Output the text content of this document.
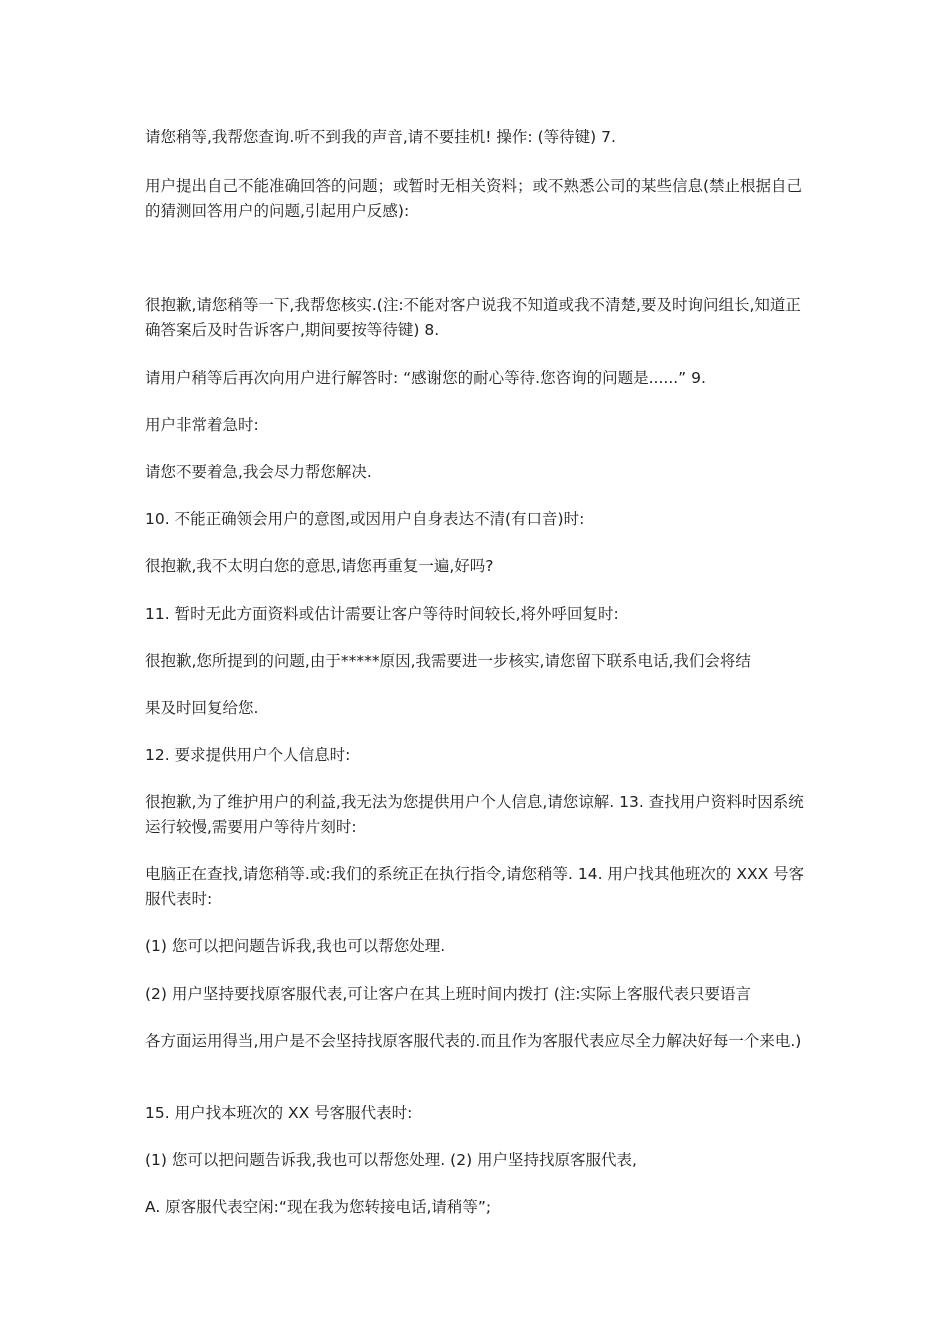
请您稍等,我帮您查询.听不到我的声音,请不要挂机! 操作: (等待键) 7.

用户提出自己不能准确回答的问题；或暂时无相关资料；或不熟悉公司的某些信息(禁止根据自己的猜测回答用户的问题,引起用户反感):

很抱歉,请您稍等一下,我帮您核实.(注:不能对客户说我不知道或我不清楚,要及时询问组长,知道正确答案后及时告诉客户,期间要按等待键) 8.

请用户稍等后再次向用户进行解答时: “感谢您的耐心等待.您咨询的问题是......” 9.

用户非常着急时:

请您不要着急,我会尽力帮您解决.

10. 不能正确领会用户的意图,或因用户自身表达不清(有口音)时:

很抱歉,我不太明白您的意思,请您再重复一遍,好吗?

11. 暂时无此方面资料或估计需要让客户等待时间较长,将外呼回复时:

很抱歉,您所提到的问题,由于*****原因,我需要进一步核实,请您留下联系电话,我们会将结

果及时回复给您.

12. 要求提供用户个人信息时:

很抱歉,为了维护用户的利益,我无法为您提供用户个人信息,请您谅解. 13. 查找用户资料时因系统运行较慢,需要用户等待片刻时:

电脑正在查找,请您稍等.或:我们的系统正在执行指令,请您稍等. 14. 用户找其他班次的 XXX 号客服代表时:

(1) 您可以把问题告诉我,我也可以帮您处理.

(2) 用户坚持要找原客服代表,可让客户在其上班时间内拨打 (注:实际上客服代表只要语言

各方面运用得当,用户是不会坚持找原客服代表的.而且作为客服代表应尽全力解决好每一个来电.)

15. 用户找本班次的 XX 号客服代表时:

(1) 您可以把问题告诉我,我也可以帮您处理. (2) 用户坚持找原客服代表,

A. 原客服代表空闲:“现在我为您转接电话,请稍等”;
